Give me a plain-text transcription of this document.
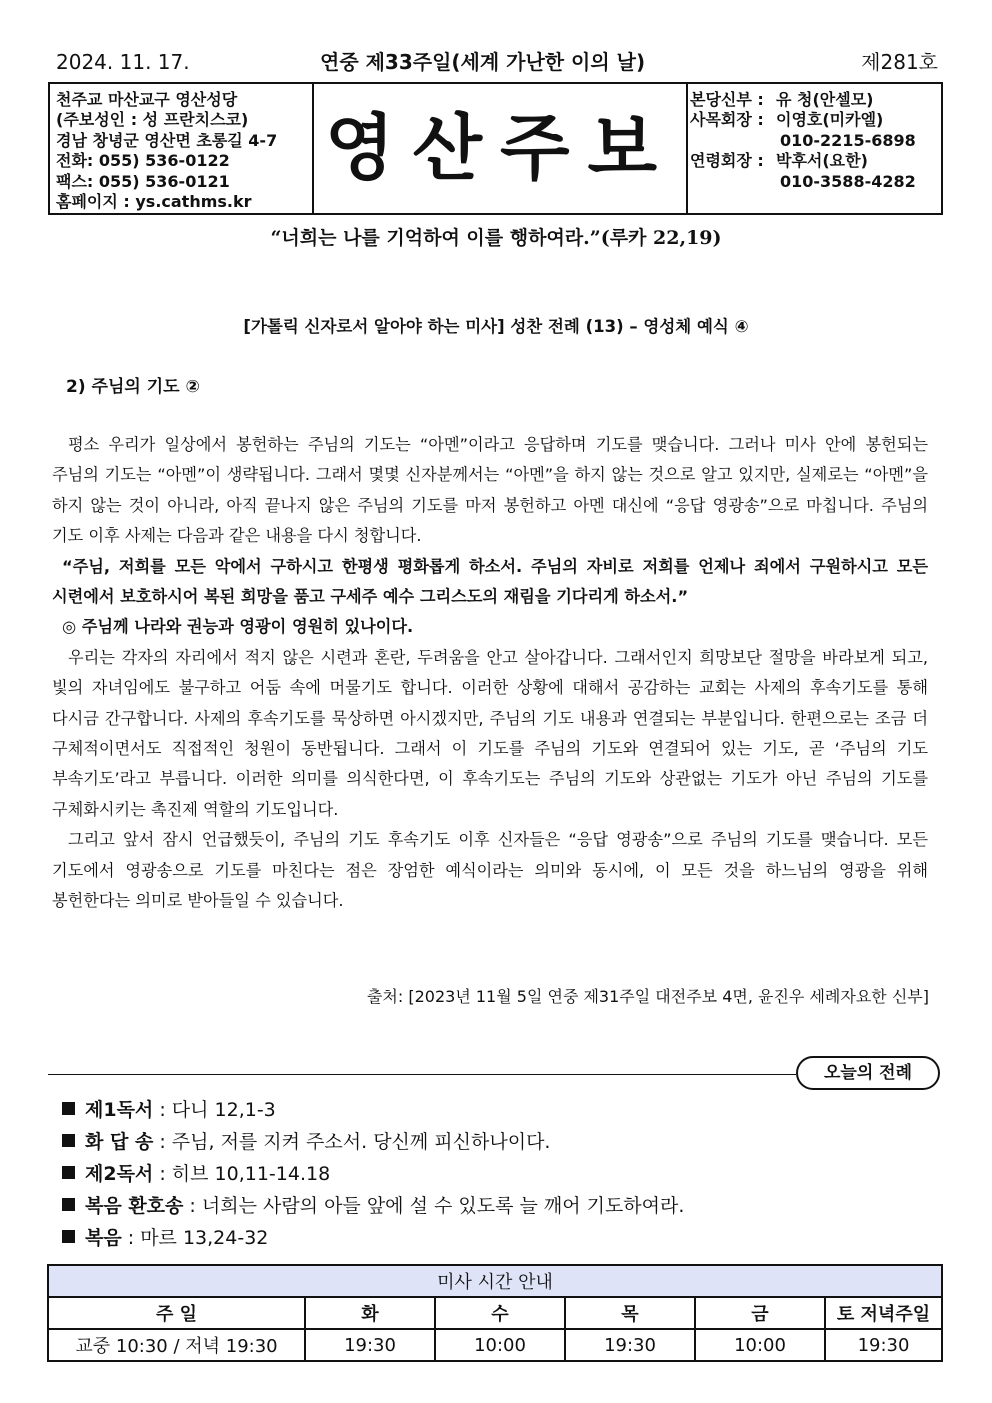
2024. 11. 17.	연중 제33주일(세계 가난한 이의 날)	제281호
천주교 마산교구 영산성당
(주보성인 : 성 프란치스코)
경남 창녕군 영산면 초롱길 4-7
전화: 055) 536-0122
팩스: 055) 536-0121
홈페이지 : ys.cathms.kr
영산주보
본당신부 : 유 청(안셀모)
사목회장 : 이영호(미카엘)
010-2215-6898
연령회장 : 박후서(요한)
010-3588-4282
“너희는 나를 기억하여 이를 행하여라.”(루카 22,19)
[가톨릭 신자로서 알아야 하는 미사] 성찬 전례 (13) – 영성체 예식 ④
2) 주님의 기도 ②

평소 우리가 일상에서 봉헌하는 주님의 기도는 “아멘”이라고 응답하며 기도를 맺습니다. 그러나 미사 안에 봉헌되는 주님의 기도는 “아멘”이 생략됩니다. 그래서 몇몇 신자분께서는 “아멘”을 하지 않는 것으로 알고 있지만, 실제로는 “아멘”을 하지 않는 것이 아니라, 아직 끝나지 않은 주님의 기도를 마저 봉헌하고 아멘 대신에 “응답 영광송”으로 마칩니다. 주님의 기도 이후 사제는 다음과 같은 내용을 다시 청합니다.

“주님, 저희를 모든 악에서 구하시고 한평생 평화롭게 하소서. 주님의 자비로 저희를 언제나 죄에서 구원하시고 모든 시련에서 보호하시어 복된 희망을 품고 구세주 예수 그리스도의 재림을 기다리게 하소서.”

◎ 주님께 나라와 권능과 영광이 영원히 있나이다.

우리는 각자의 자리에서 적지 않은 시련과 혼란, 두려움을 안고 살아갑니다. 그래서인지 희망보단 절망을 바라보게 되고, 빛의 자녀임에도 불구하고 어둠 속에 머물기도 합니다. 이러한 상황에 대해서 공감하는 교회는 사제의 후속기도를 통해 다시금 간구합니다. 사제의 후속기도를 묵상하면 아시겠지만, 주님의 기도 내용과 연결되는 부분입니다. 한편으로는 조금 더 구체적이면서도 직접적인 청원이 동반됩니다. 그래서 이 기도를 주님의 기도와 연결되어 있는 기도, 곧 ‘주님의 기도 부속기도’라고 부릅니다. 이러한 의미를 의식한다면, 이 후속기도는 주님의 기도와 상관없는 기도가 아닌 주님의 기도를 구체화시키는 촉진제 역할의 기도입니다.

그리고 앞서 잠시 언급했듯이, 주님의 기도 후속기도 이후 신자들은 “응답 영광송”으로 주님의 기도를 맺습니다. 모든 기도에서 영광송으로 기도를 마친다는 점은 장엄한 예식이라는 의미와 동시에, 이 모든 것을 하느님의 영광을 위해 봉헌한다는 의미로 받아들일 수 있습니다.

출처: [2023년 11월 5일 연중 제31주일 대전주보 4면, 윤진우 세례자요한 신부]
오늘의 전례
제1독서 : 다니 12,1-3
화 답 송 : 주님, 저를 지켜 주소서. 당신께 피신하나이다.
제2독서 : 히브 10,11-14.18
복음 환호송 : 너희는 사람의 아들 앞에 설 수 있도록 늘 깨어 기도하여라.
복음 : 마르 13,24-32
미사 시간 안내					
주 일	화	수	목	금	토 저녁주일
교중 10:30 / 저녁 19:30	19:30	10:00	19:30	10:00	19:30
